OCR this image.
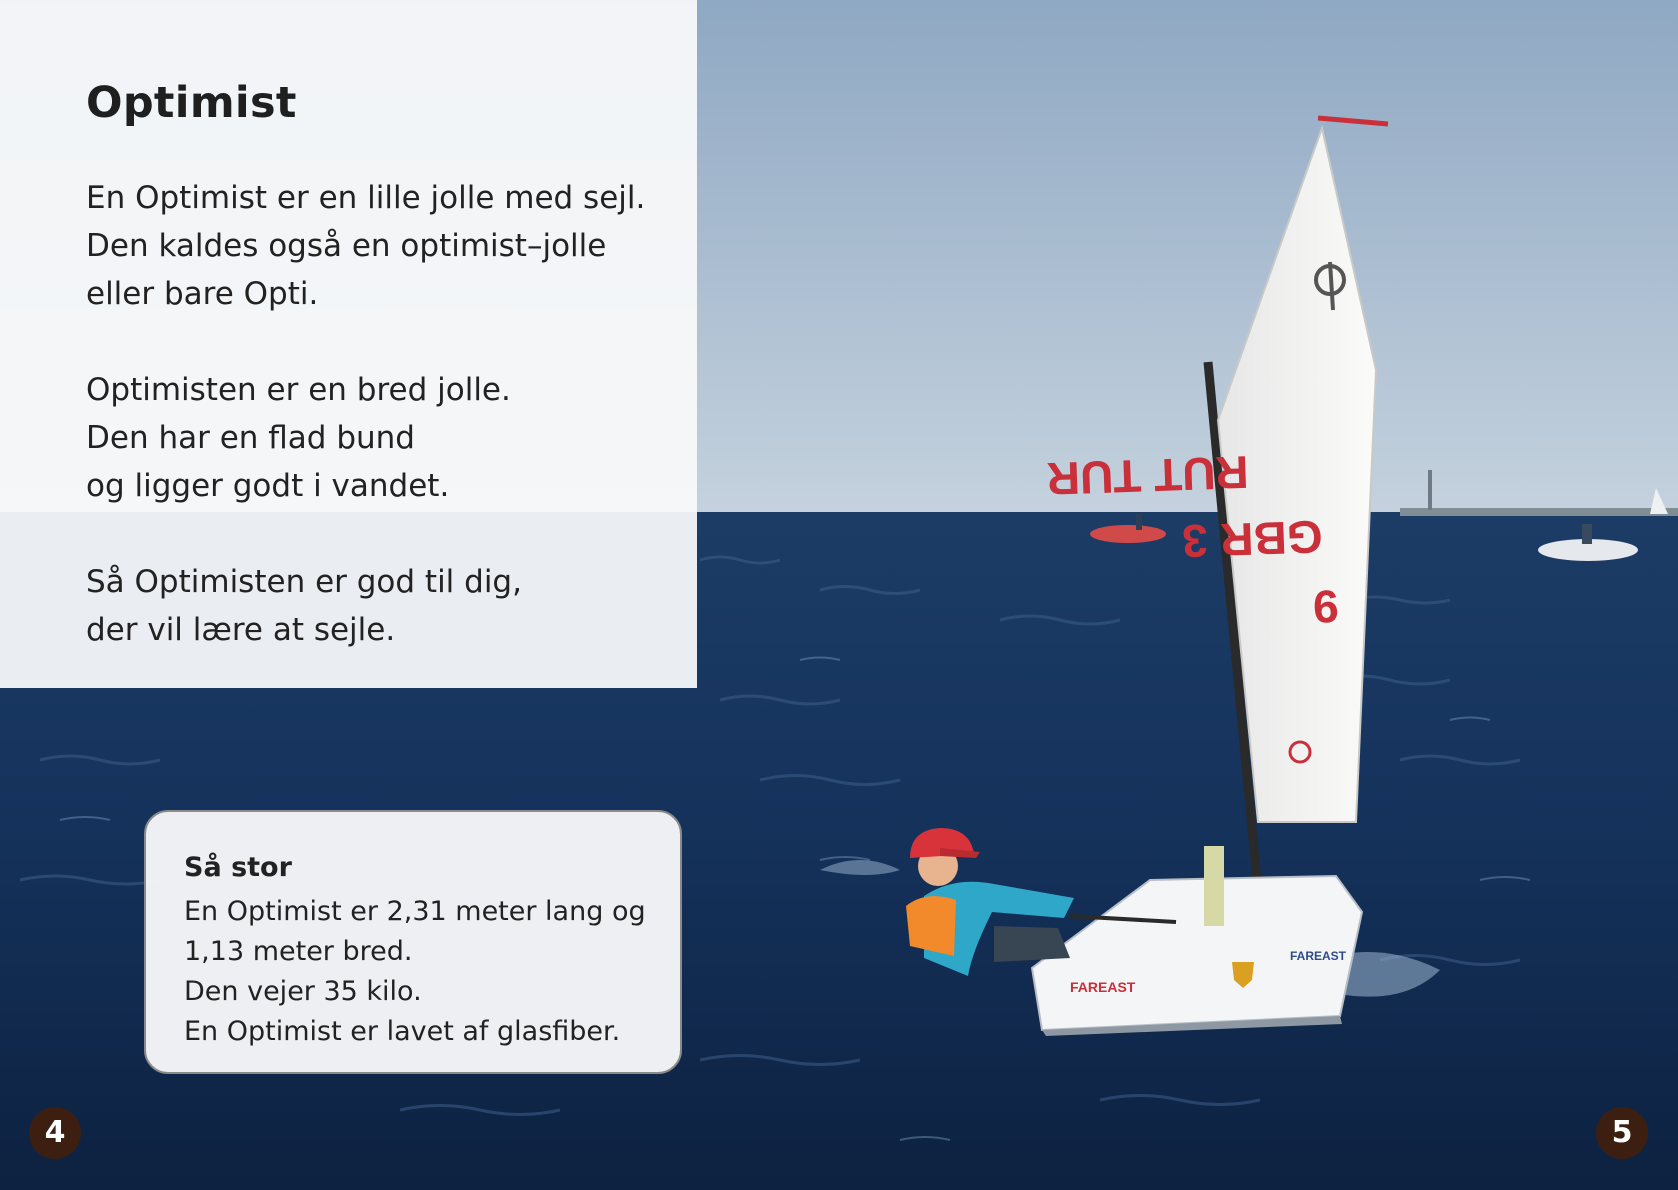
RUT TUR
GBR 3
9
FAREAST
FAREAST
Optimist

En Optimist er en lille jolle med sejl.
Den kaldes også en optimist–jolle
eller bare Opti.

Optimisten er en bred jolle.
Den har en flad bund
og ligger godt i vandet.

Så Optimisten er god til dig,
der vil lære at sejle.

Så stor
En Optimist er 2,31 meter lang og
1,13 meter bred.
Den vejer 35 kilo.
En Optimist er lavet af glasfiber.
4	5
